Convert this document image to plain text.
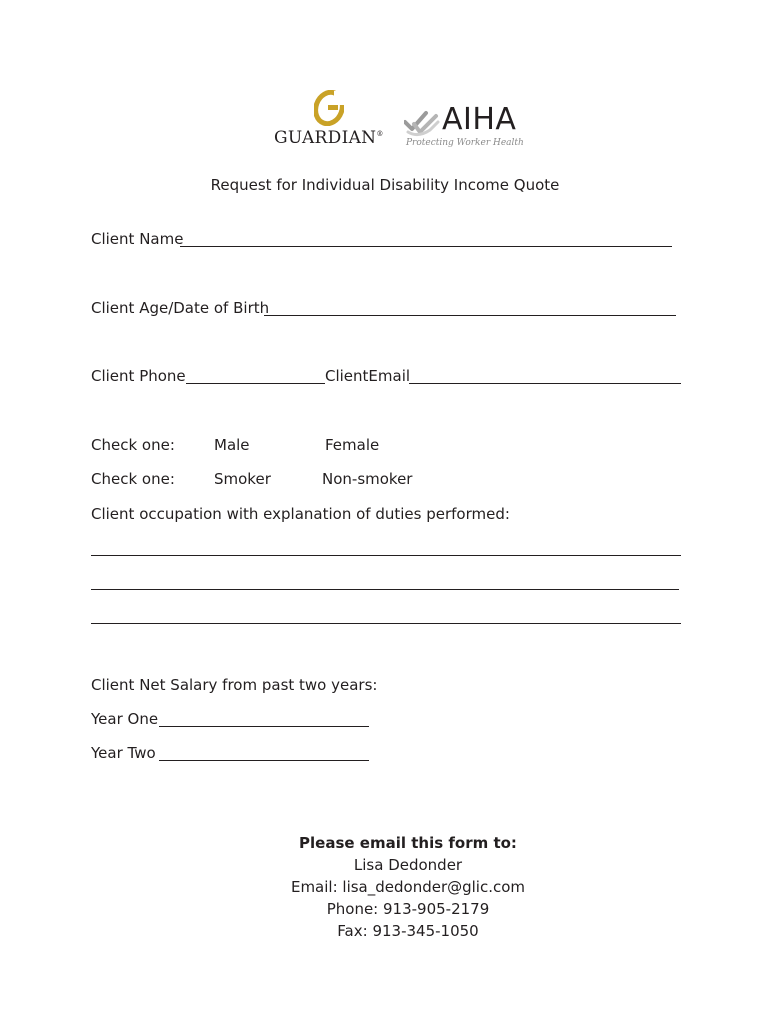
GUARDIAN® AIHA
Protecting Worker Health
Request for Individual Disability Income Quote
Client Name
Client Age/Date of Birth
Client Phone	ClientEmail
Check one:	Male	Female
Check one:	Smoker	Non-smoker
Client occupation with explanation of duties performed:
Client Net Salary from past two years:
Year One
Year Two
Please email this form to:
Lisa Dedonder
Email: lisa_dedonder@glic.com
Phone: 913-905-2179
Fax: 913-345-1050
